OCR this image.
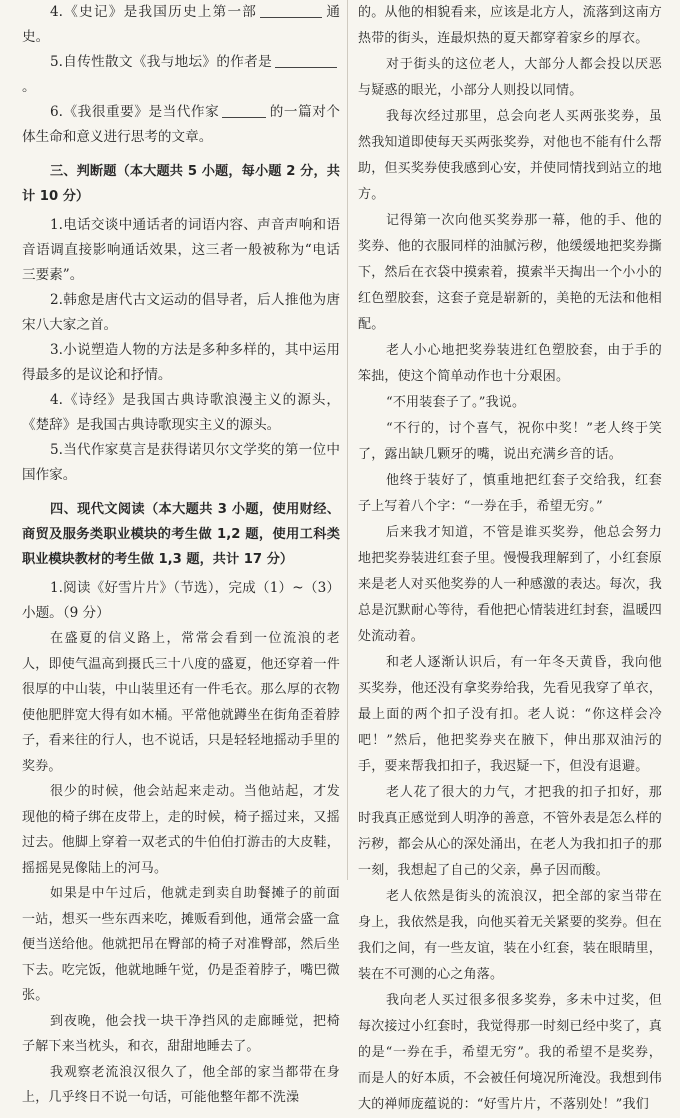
4.《史记》是我国历史上第一部	通史。

5.自传性散文《我与地坛》的作者是。

6.《我很重要》是当代作家	的一篇对个体生命和意义进行思考的文章。

三、判断题（本大题共 5 小题，每小题 2 分，共计 10 分）

1.电话交谈中通话者的词语内容、声音声响和语音语调直接影响通话效果，这三者一般被称为“电话三要素”。

2.韩愈是唐代古文运动的倡导者，后人推他为唐宋八大家之首。

3.小说塑造人物的方法是多种多样的，其中运用得最多的是议论和抒情。

4.《诗经》是我国古典诗歌浪漫主义的源头，《楚辞》是我国古典诗歌现实主义的源头。

5.当代作家莫言是获得诺贝尔文学奖的第一位中国作家。

四、现代文阅读（本大题共 3 小题，使用财经、商贸及服务类职业模块的考生做 1,2 题，使用工科类职业模块教材的考生做 1,3 题，共计 17 分）

1.阅读《好雪片片》（节选），完成（1）~（3）小题。（9 分）

在盛夏的信义路上，常常会看到一位流浪的老人，即使气温高到摄氏三十八度的盛夏，他还穿着一件很厚的中山装，中山装里还有一件毛衣。那么厚的衣物使他肥胖宽大得有如木桶。平常他就蹲坐在街角歪着脖子，看来往的行人，也不说话，只是轻轻地摇动手里的奖券。

很少的时候，他会站起来走动。当他站起，才发现他的椅子绑在皮带上，走的时候，椅子摇过来，又摇过去。他脚上穿着一双老式的牛伯伯打游击的大皮鞋，摇摇晃晃像陆上的河马。

如果是中午过后，他就走到卖自助餐摊子的前面一站，想买一些东西来吃，摊贩看到他，通常会盛一盒便当送给他。他就把吊在臀部的椅子对准臀部，然后坐下去。吃完饭，他就地睡午觉，仍是歪着脖子，嘴巴微张。

到夜晚，他会找一块干净挡风的走廊睡觉，把椅子解下来当枕头，和衣，甜甜地睡去了。

我观察老流浪汉很久了，他全部的家当都带在身上，几乎终日不说一句话，可能他整年都不洗澡

的。从他的相貌看来，应该是北方人，流落到这南方热带的街头，连最炽热的夏天都穿着家乡的厚衣。

对于街头的这位老人，大部分人都会投以厌恶与疑惑的眼光，小部分人则投以同情。

我每次经过那里，总会向老人买两张奖券，虽然我知道即使每天买两张奖券，对他也不能有什么帮助，但买奖券使我感到心安，并使同情找到站立的地方。

记得第一次向他买奖券那一幕，他的手、他的奖券、他的衣服同样的油腻污秽，他缓缓地把奖券撕下，然后在衣袋中摸索着，摸索半天掏出一个小小的红色塑胶套，这套子竟是崭新的，美艳的无法和他相配。

老人小心地把奖券装进红色塑胶套，由于手的笨拙，使这个简单动作也十分艰困。

“不用装套子了。”我说。

“不行的，讨个喜气，祝你中奖！”老人终于笑了，露出缺几颗牙的嘴，说出充满乡音的话。

他终于装好了，慎重地把红套子交给我，红套子上写着八个字：“一券在手，希望无穷。”

后来我才知道，不管是谁买奖券，他总会努力地把奖券装进红套子里。慢慢我理解到了，小红套原来是老人对买他奖券的人一种感激的表达。每次，我总是沉默耐心等待，看他把心情装进红封套，温暖四处流动着。

和老人逐渐认识后，有一年冬天黄昏，我向他买奖券，他还没有拿奖券给我，先看见我穿了单衣，最上面的两个扣子没有扣。老人说：“你这样会冷吧！”然后，他把奖券夹在腋下，伸出那双油污的手，要来帮我扣扣子，我迟疑一下，但没有退避。

老人花了很大的力气，才把我的扣子扣好，那时我真正感觉到人明净的善意，不管外表是怎么样的污秽，都会从心的深处涌出，在老人为我扣扣子的那一刻，我想起了自己的父亲，鼻子因而酸。

老人依然是街头的流浪汉，把全部的家当带在身上，我依然是我，向他买着无关紧要的奖券。但在我们之间，有一些友谊，装在小红套，装在眼睛里，装在不可测的心之角落。

我向老人买过很多很多奖券，多未中过奖，但每次接过小红套时，我觉得那一时刻已经中奖了，真的是“一券在手，希望无穷”。我的希望不是奖券，而是人的好本质，不会被任何境况所淹没。我想到伟大的禅师庞蕴说的：“好雪片片，不落别处！”我们
